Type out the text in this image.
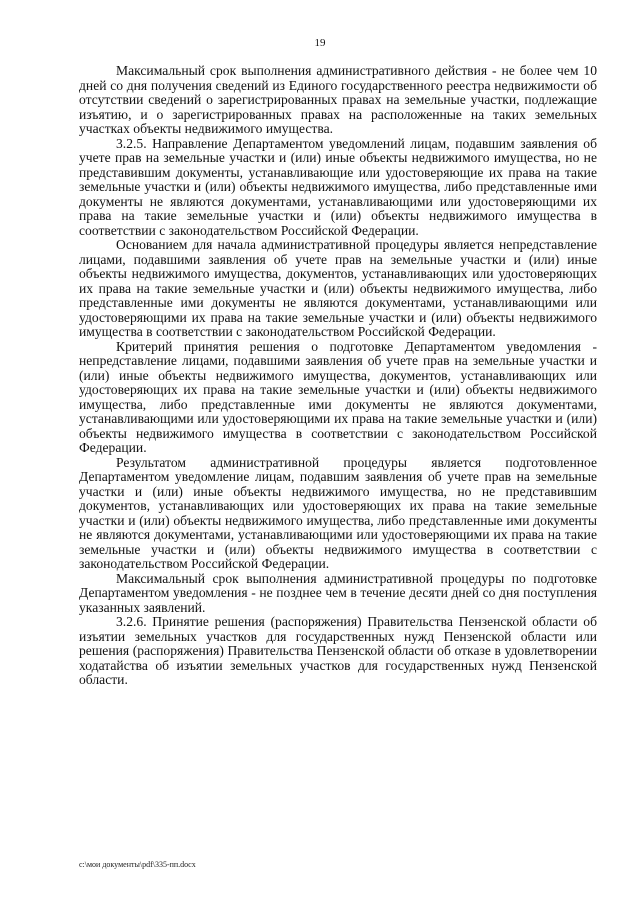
19

Максимальный срок выполнения административного действия - не более чем 10 дней со дня получения сведений из Единого государственного реестра недвижимости об отсутствии сведений о зарегистрированных правах на земельные участки, подлежащие изъятию, и о зарегистрированных правах на расположенные на таких земельных участках объекты недвижимого имущества.

3.2.5. Направление Департаментом уведомлений лицам, подавшим заявления об учете прав на земельные участки и (или) иные объекты недвижимого имущества, но не представившим документы, устанавливающие или удостоверяющие их права на такие земельные участки и (или) объекты недвижимого имущества, либо представленные ими документы не являются документами, устанавливающими или удостоверяющими их права на такие земельные участки и (или) объекты недвижимого имущества в соответствии с законодательством Российской Федерации.

Основанием для начала административной процедуры является непредставление лицами, подавшими заявления об учете прав на земельные участки и (или) иные объекты недвижимого имущества, документов, устанавливающих или удостоверяющих их права на такие земельные участки и (или) объекты недвижимого имущества, либо представленные ими документы не являются документами, устанавливающими или удостоверяющими их права на такие земельные участки и (или) объекты недвижимого имущества в соответствии с законодательством Российской Федерации.

Критерий принятия решения о подготовке Департаментом уведомления - непредставление лицами, подавшими заявления об учете прав на земельные участки и (или) иные объекты недвижимого имущества, документов, устанавливающих или удостоверяющих их права на такие земельные участки и (или) объекты недвижимого имущества, либо представленные ими документы не являются документами, устанавливающими или удостоверяющими их права на такие земельные участки и (или) объекты недвижимого имущества в соответствии с законодательством Российской Федерации.

Результатом административной процедуры является подготовленное Департаментом уведомление лицам, подавшим заявления об учете прав на земельные участки и (или) иные объекты недвижимого имущества, но не представившим документов, устанавливающих или удостоверяющих их права на такие земельные участки и (или) объекты недвижимого имущества, либо представленные ими документы не являются документами, устанавливающими или удостоверяющими их права на такие земельные участки и (или) объекты недвижимого имущества в соответствии с законодательством Российской Федерации.

Максимальный срок выполнения административной процедуры по подготовке Департаментом уведомления - не позднее чем в течение десяти дней со дня поступления указанных заявлений.

3.2.6. Принятие решения (распоряжения) Правительства Пензенской области об изъятии земельных участков для государственных нужд Пензенской области или решения (распоряжения) Правительства Пензенской области об отказе в удовлетворении ходатайства об изъятии земельных участков для государственных нужд Пензенской области.

c:\мои документы\pdf\335-пп.docx
